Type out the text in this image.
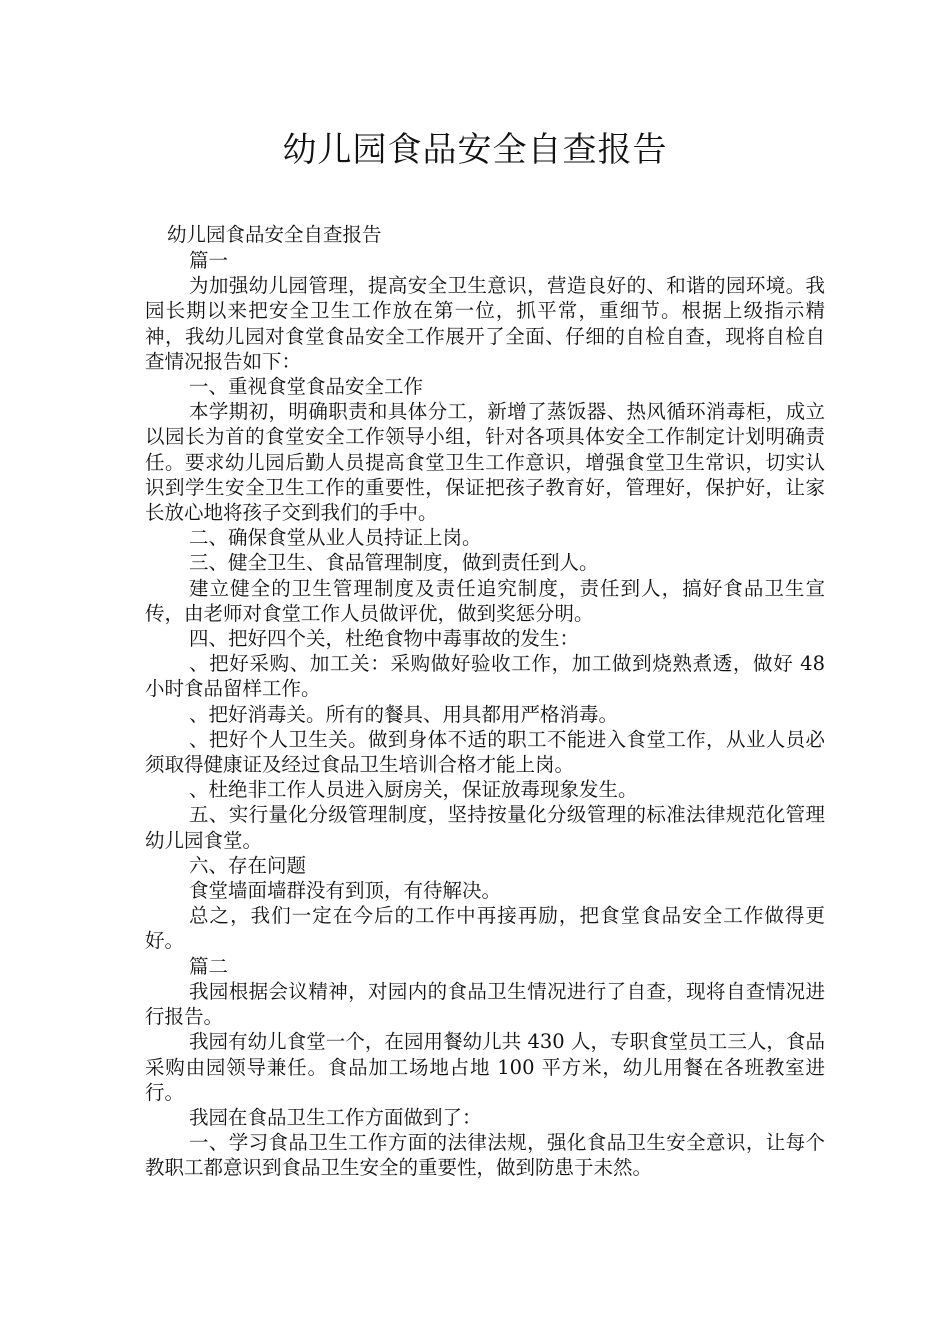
幼儿园食品安全自查报告

幼儿园食品安全自查报告

篇一

为加强幼儿园管理，提高安全卫生意识，营造良好的、和谐的园环境。我园长期以来把安全卫生工作放在第一位，抓平常，重细节。根据上级指示精神，我幼儿园对食堂食品安全工作展开了全面、仔细的自检自查，现将自检自查情况报告如下：

一、重视食堂食品安全工作

本学期初，明确职责和具体分工，新增了蒸饭器、热风循环消毒柜，成立以园长为首的食堂安全工作领导小组，针对各项具体安全工作制定计划明确责任。要求幼儿园后勤人员提高食堂卫生工作意识，增强食堂卫生常识，切实认识到学生安全卫生工作的重要性，保证把孩子教育好，管理好，保护好，让家长放心地将孩子交到我们的手中。

二、确保食堂从业人员持证上岗。

三、健全卫生、食品管理制度，做到责任到人。

建立健全的卫生管理制度及责任追究制度，责任到人，搞好食品卫生宣传，由老师对食堂工作人员做评优，做到奖惩分明。

四、把好四个关，杜绝食物中毒事故的发生：

、把好采购、加工关：采购做好验收工作，加工做到烧熟煮透，做好 48 小时食品留样工作。

、把好消毒关。所有的餐具、用具都用严格消毒。

、把好个人卫生关。做到身体不适的职工不能进入食堂工作，从业人员必须取得健康证及经过食品卫生培训合格才能上岗。

、杜绝非工作人员进入厨房关，保证放毒现象发生。

五、实行量化分级管理制度，坚持按量化分级管理的标准法律规范化管理幼儿园食堂。

六、存在问题

食堂墙面墙群没有到顶，有待解决。

总之，我们一定在今后的工作中再接再励，把食堂食品安全工作做得更好。

篇二

我园根据会议精神，对园内的食品卫生情况进行了自查，现将自查情况进行报告。

我园有幼儿食堂一个，在园用餐幼儿共 430 人，专职食堂员工三人，食品采购由园领导兼任。食品加工场地占地 100 平方米，幼儿用餐在各班教室进行。

我园在食品卫生工作方面做到了：

一、学习食品卫生工作方面的法律法规，强化食品卫生安全意识，让每个教职工都意识到食品卫生安全的重要性，做到防患于未然。
